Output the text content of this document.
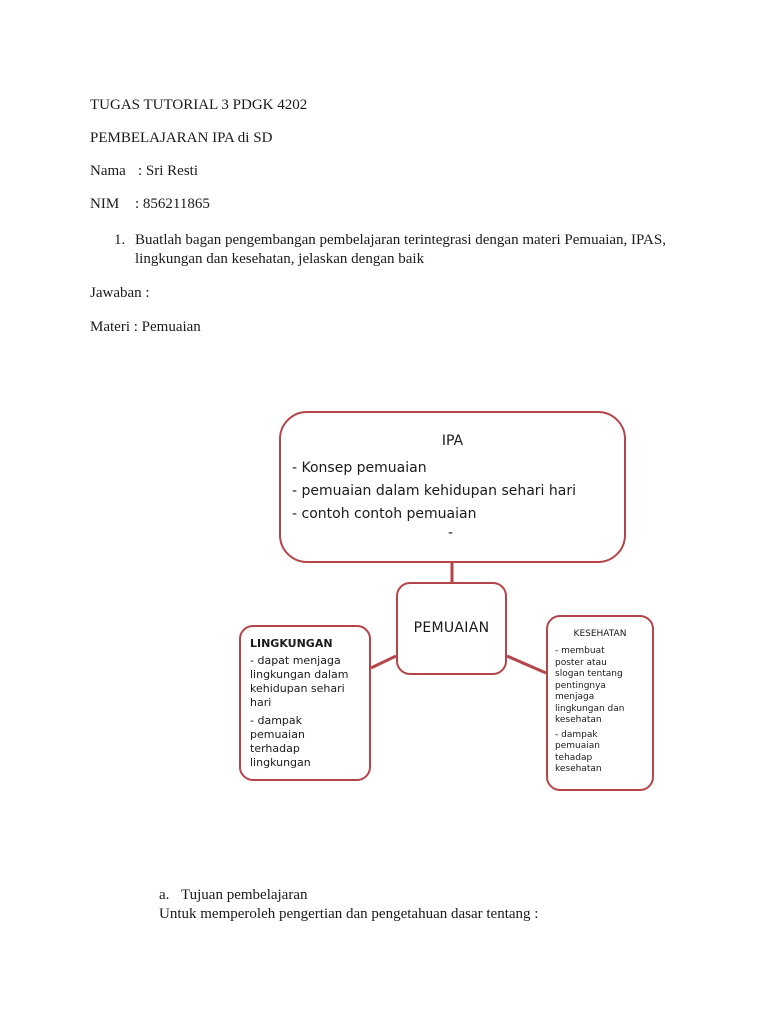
TUGAS TUTORIAL 3 PDGK 4202
PEMBELAJARAN IPA di SD
Nama : Sri Resti
NIM : 856211865
1. Buatlah bagan pengembangan pembelajaran terintegrasi dengan materi Pemuaian, IPAS,
lingkungan dan kesehatan, jelaskan dengan baik
Jawaban :
Materi : Pemuaian
IPA
- Konsep pemuaian
- pemuaian dalam kehidupan sehari hari
- contoh contoh pemuaian
-
PEMUAIAN
LINGKUNGAN
- dapat menjaga
lingkungan dalam
kehidupan sehari
hari
- dampak
pemuaian
terhadap
lingkungan
KESEHATAN
- membuat
poster atau
slogan tentang
pentingnya
menjaga
lingkungan dan
kesehatan
- dampak
pemuaian
tehadap
kesehatan
a. Tujuan pembelajaran
Untuk memperoleh pengertian dan pengetahuan dasar tentang :
